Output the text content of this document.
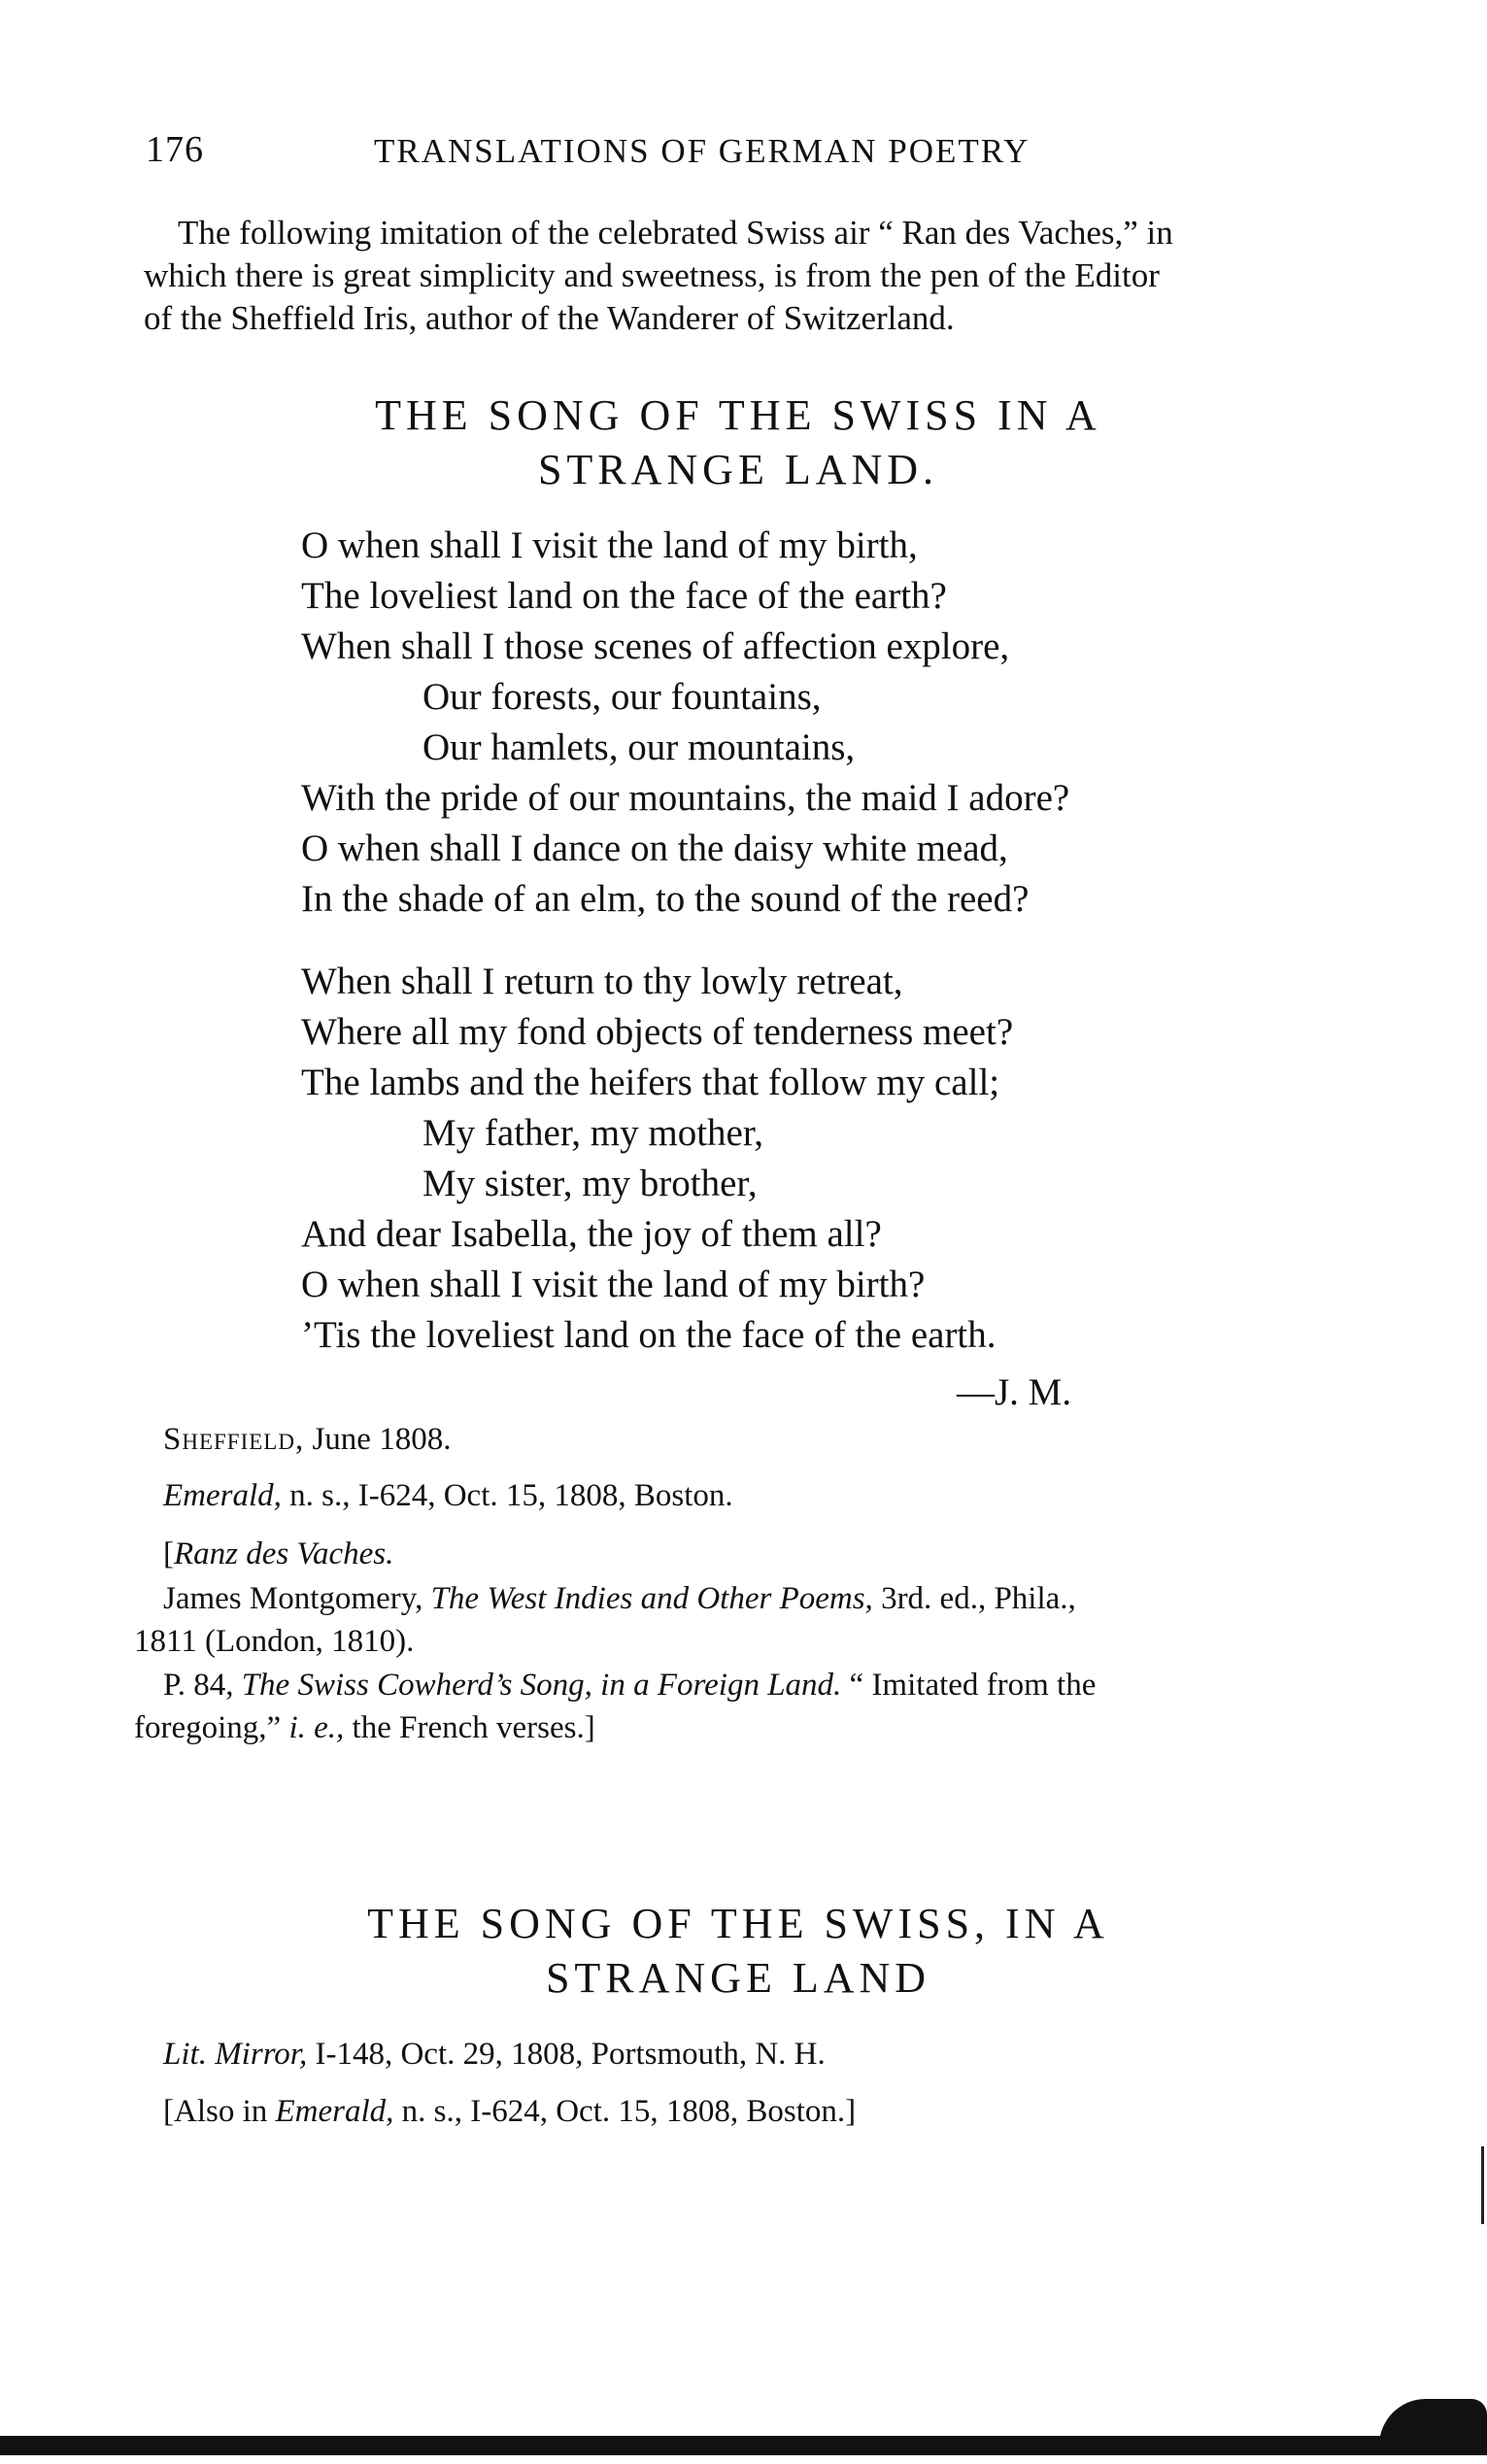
176	TRANSLATIONS OF GERMAN POETRY
The following imitation of the celebrated Swiss air “ Ran des Vaches,” in
which there is great simplicity and sweetness, is from the pen of the Editor
of the Sheffield Iris, author of the Wanderer of Switzerland.
THE SONG OF THE SWISS IN A
STRANGE LAND.
O when shall I visit the land of my birth,
The loveliest land on the face of the earth?
When shall I those scenes of affection explore,
Our forests, our fountains,
Our hamlets, our mountains,
With the pride of our mountains, the maid I adore?
O when shall I dance on the daisy white mead,
In the shade of an elm, to the sound of the reed?
When shall I return to thy lowly retreat,
Where all my fond objects of tenderness meet?
The lambs and the heifers that follow my call;
My father, my mother,
My sister, my brother,
And dear Isabella, the joy of them all?
O when shall I visit the land of my birth?
’Tis the loveliest land on the face of the earth.
—J. M.
Sheffield, June 1808.
Emerald, n. s., I-624, Oct. 15, 1808, Boston.
[Ranz des Vaches.
James Montgomery, The West Indies and Other Poems, 3rd. ed., Phila.,
1811 (London, 1810).
P. 84, The Swiss Cowherd’s Song, in a Foreign Land. “ Imitated from the
foregoing,” i. e., the French verses.]
THE SONG OF THE SWISS, IN A
STRANGE LAND
Lit. Mirror, I-148, Oct. 29, 1808, Portsmouth, N. H.
[Also in Emerald, n. s., I-624, Oct. 15, 1808, Boston.]
